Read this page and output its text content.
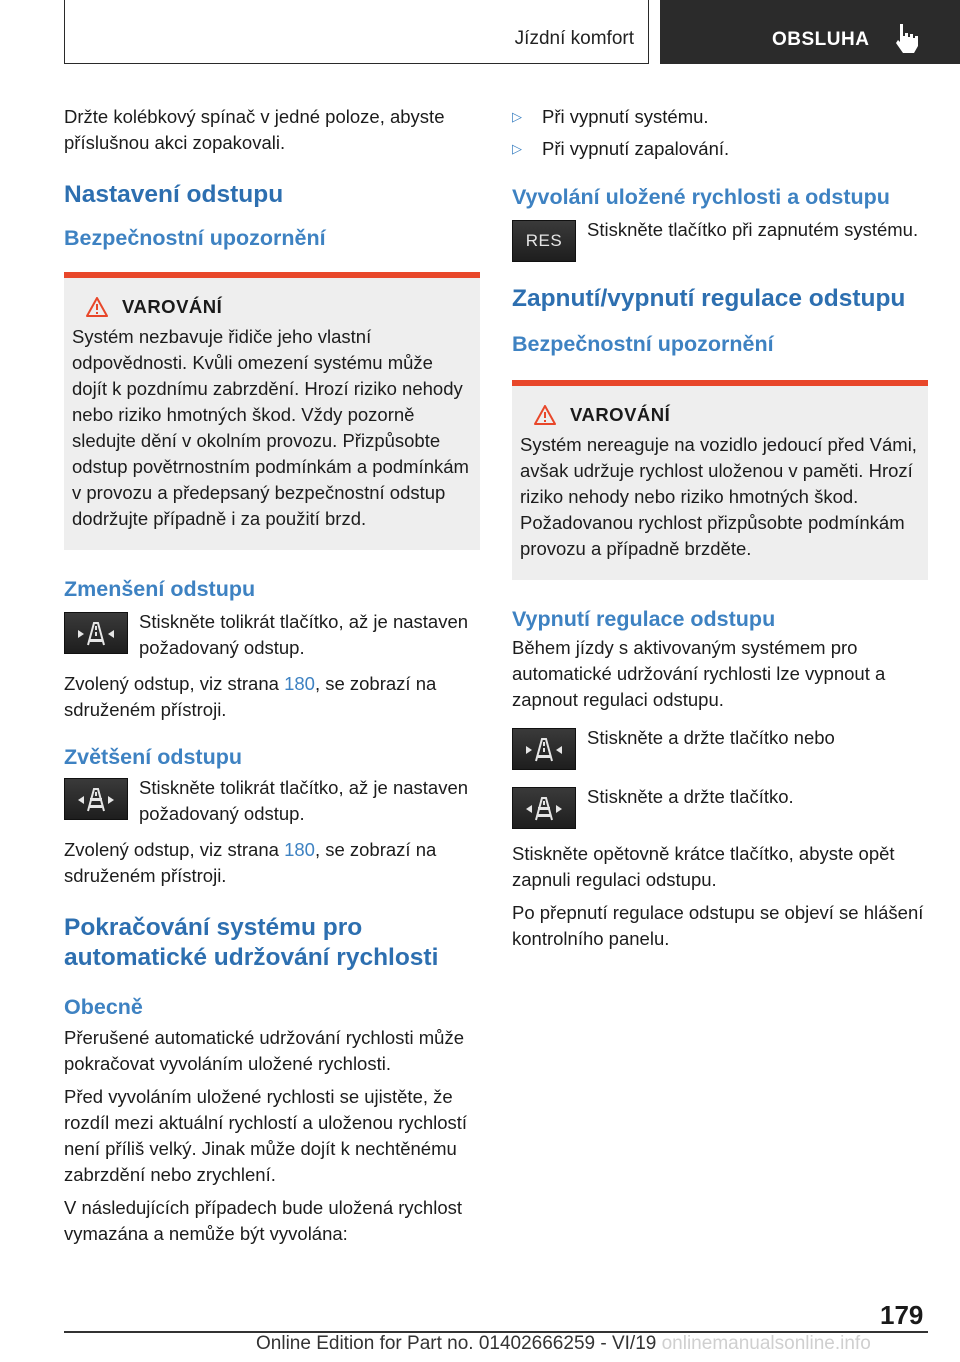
Jízdní komfort	OBSLUHA

Držte kolébkový spínač v jedné poloze, abyste příslušnou akci zopakovali.

Nastavení odstupu
Bezpečnostní upozornění
VAROVÁNÍ

Systém nezbavuje řidiče jeho vlastní odpovědnosti. Kvůli omezení systému může dojít k pozdnímu zabrzdění. Hrozí riziko nehody nebo riziko hmotných škod. Vždy pozorně sledujte dění v okolním provozu. Přizpůsobte odstup povětrnostním podmínkám a podmínkám v provozu a předepsaný bezpečnostní odstup dodržujte případně i za použití brzd.

Zmenšení odstupu

Stiskněte tolikrát tlačítko, až je nastaven požadovaný odstup.

Zvolený odstup, viz strana 180, se zobrazí na sdruženém přístroji.

Zvětšení odstupu

Stiskněte tolikrát tlačítko, až je nastaven požadovaný odstup.

Zvolený odstup, viz strana 180, se zobrazí na sdruženém přístroji.

Pokračování systému pro automatické udržování rychlosti
Obecně

Přerušené automatické udržování rychlosti může pokračovat vyvoláním uložené rychlosti.

Před vyvoláním uložené rychlosti se ujistěte, že rozdíl mezi aktuální rychlostí a uloženou rychlostí není příliš velký. Jinak může dojít k nechtěnému zabrzdění nebo zrychlení.

V následujících případech bude uložená rychlost vymazána a nemůže být vyvolána:

▷	Při vypnutí systému.
▷	Při vypnutí zapalování.
Vyvolání uložené rychlosti a odstupu
RES

Stiskněte tlačítko při zapnutém systému.

Zapnutí/vypnutí regulace odstupu
Bezpečnostní upozornění
VAROVÁNÍ

Systém nereaguje na vozidlo jedoucí před Vámi, avšak udržuje rychlost uloženou v paměti. Hrozí riziko nehody nebo riziko hmotných škod. Požadovanou rychlost přizpůsobte podmínkám provozu a případně brzděte.

Vypnutí regulace odstupu

Během jízdy s aktivovaným systémem pro automatické udržování rychlosti lze vypnout a zapnout regulaci odstupu.

Stiskněte a držte tlačítko nebo

Stiskněte a držte tlačítko.

Stiskněte opětovně krátce tlačítko, abyste opět zapnuli regulaci odstupu.

Po přepnutí regulace odstupu se objeví se hlášení kontrolního panelu.

179
Online Edition for Part no. 01402666259 - VI/19 onlinemanualsonline.info
